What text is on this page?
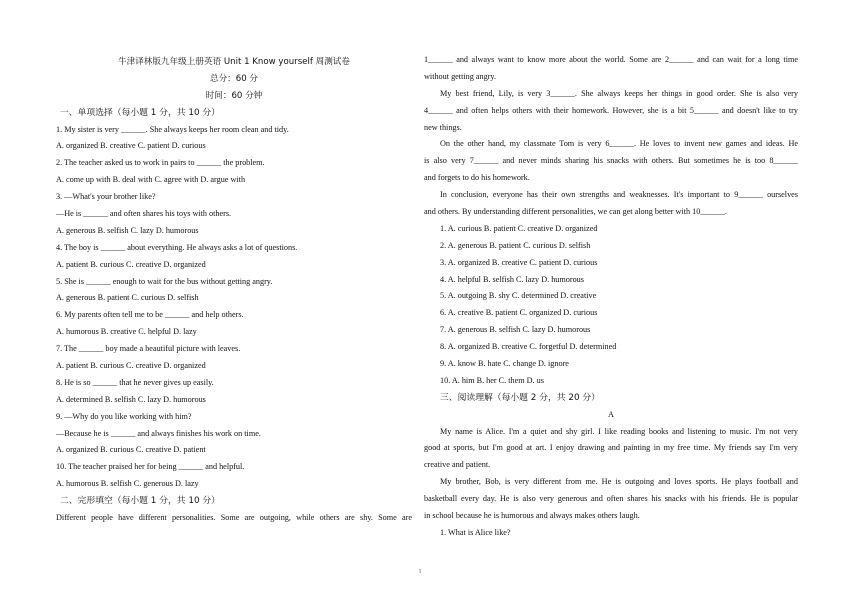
牛津译林版九年级上册英语 Unit 1 Know yourself 周测试卷
总分：60 分
时间：60 分钟
一、单项选择（每小题 1 分，共 10 分）
1. My sister is very ______. She always keeps her room clean and tidy.
A. organized B. creative C. patient D. curious
2. The teacher asked us to work in pairs to ______ the problem.
A. come up with B. deal with C. agree with D. argue with
3. —What's your brother like?
—He is ______ and often shares his toys with others.
A. generous B. selfish C. lazy D. humorous
4. The boy is ______ about everything. He always asks a lot of questions.
A. patient B. curious C. creative D. organized
5. She is ______ enough to wait for the bus without getting angry.
A. generous B. patient C. curious D. selfish
6. My parents often tell me to be ______ and help others.
A. humorous B. creative C. helpful D. lazy
7. The ______ boy made a beautiful picture with leaves.
A. patient B. curious C. creative D. organized
8. He is so ______ that he never gives up easily.
A. determined B. selfish C. lazy D. humorous
9. —Why do you like working with him?
—Because he is ______ and always finishes his work on time.
A. organized B. curious C. creative D. patient
10. The teacher praised her for being ______ and helpful.
A. humorous B. selfish C. generous D. lazy
二、完形填空（每小题 1 分，共 10 分）
Different people have different personalities. Some are outgoing, while others are shy. Some are
1______ and always want to know more about the world. Some are 2______ and can wait for a long time
without getting angry.
My best friend, Lily, is very 3______. She always keeps her things in good order. She is also very
4______ and often helps others with their homework. However, she is a bit 5______ and doesn't like to try
new things.
On the other hand, my classmate Tom is very 6______. He loves to invent new games and ideas. He
is also very 7______ and never minds sharing his snacks with others. But sometimes he is too 8______
and forgets to do his homework.
In conclusion, everyone has their own strengths and weaknesses. It's important to 9______ ourselves
and others. By understanding different personalities, we can get along better with 10______.
1. A. curious B. patient C. creative D. organized
2. A. generous B. patient C. curious D. selfish
3. A. organized B. creative C. patient D. curious
4. A. helpful B. selfish C. lazy D. humorous
5. A. outgoing B. shy C. determined D. creative
6. A. creative B. patient C. organized D. curious
7. A. generous B. selfish C. lazy D. humorous
8. A. organized B. creative C. forgetful D. determined
9. A. know B. hate C. change D. ignore
10. A. him B. her C. them D. us
三、阅读理解（每小题 2 分，共 20 分）
A
My name is Alice. I'm a quiet and shy girl. I like reading books and listening to music. I'm not very
good at sports, but I'm good at art. I enjoy drawing and painting in my free time. My friends say I'm very
creative and patient.
My brother, Bob, is very different from me. He is outgoing and loves sports. He plays football and
basketball every day. He is also very generous and often shares his snacks with his friends. He is popular
in school because he is humorous and always makes others laugh.
1. What is Alice like?
1
